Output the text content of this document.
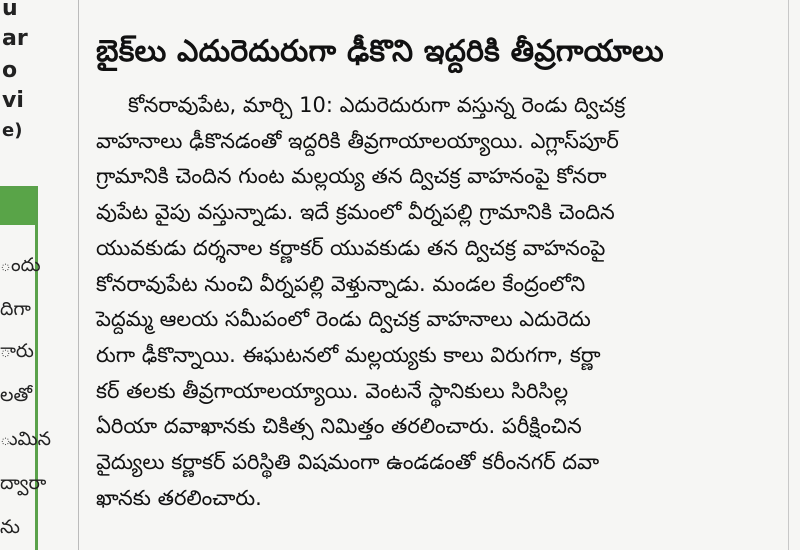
u
ar
o
vi
e)
ందు
దిగా
ారు
లతో
ుమిన
ద్వారా
ను
బైక్‌లు ఎదురెదురుగా ఢీకొని ఇద్దరికి తీవ్రగాయాలు

కోనరావుపేట, మార్చి 10: ఎదురెదురుగా వస్తున్న రెండు ద్విచక్ర

వాహనాలు ఢీకొనడంతో ఇద్దరికి తీవ్రగాయాలయ్యాయి. ఎగ్లాస్‌పూర్

గ్రామానికి చెందిన గుంట మల్లయ్య తన ద్విచక్ర వాహనంపై కోనరా

వుపేట వైపు వస్తున్నాడు. ఇదే క్రమంలో వీర్నపల్లి గ్రామానికి చెందిన

యువకుడు దర్శనాల కర్ణాకర్ యువకుడు తన ద్విచక్ర వాహనంపై

కోనరావుపేట నుంచి వీర్నపల్లి వెళ్తున్నాడు. మండల కేంద్రంలోని

పెద్దమ్మ ఆలయ సమీపంలో రెండు ద్విచక్ర వాహనాలు ఎదురెదు

రుగా ఢీకొన్నాయి. ఈఘటనలో మల్లయ్యకు కాలు విరుగగా, కర్ణా

కర్ తలకు తీవ్రగాయాలయ్యాయి. వెంటనే స్థానికులు సిరిసిల్ల

ఏరియా దవాఖానకు చికిత్స నిమిత్తం తరలించారు. పరీక్షించిన

వైద్యులు కర్ణాకర్ పరిస్థితి విషమంగా ఉండడంతో కరీంనగర్ దవా

ఖానకు తరలించారు.
